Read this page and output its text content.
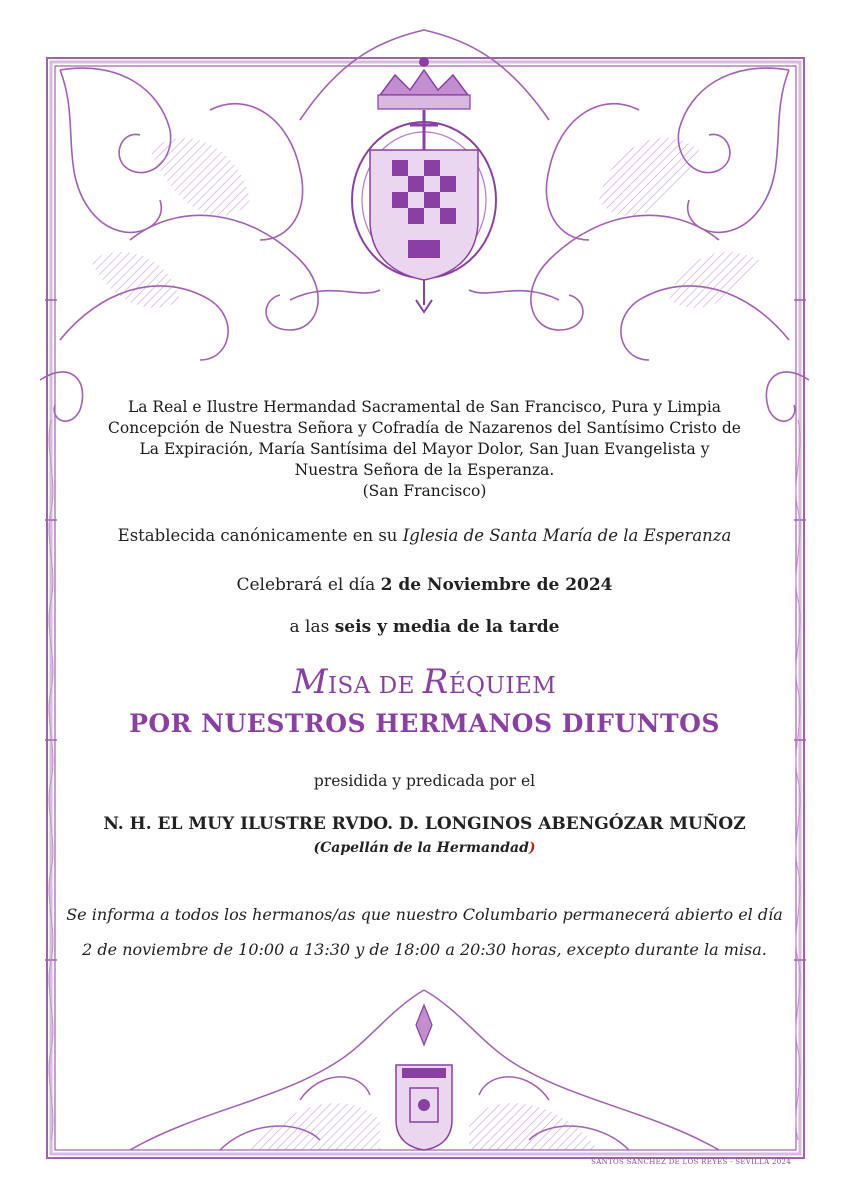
La Real e Ilustre Hermandad Sacramental de San Francisco, Pura y Limpia
Concepción de Nuestra Señora y Cofradía de Nazarenos del Santísimo Cristo de
La Expiración, María Santísima del Mayor Dolor, San Juan Evangelista y
Nuestra Señora de la Esperanza.
(San Francisco)
Establecida canónicamente en su Iglesia de Santa María de la Esperanza
Celebrará el día 2 de Noviembre de 2024
a las seis y media de la tarde
MISA DE RÉQUIEM
POR NUESTROS HERMANOS DIFUNTOS
presidida y predicada por el
N. H. EL MUY ILUSTRE RVDO. D. LONGINOS ABENGÓZAR MUÑOZ
(Capellán de la Hermandad)
Se informa a todos los hermanos/as que nuestro Columbario permanecerá abierto el día
2 de noviembre de 10:00 a 13:30 y de 18:00 a 20:30 horas, excepto durante la misa.
SANTOS SÁNCHEZ DE LOS REYES - SEVILLA 2024
